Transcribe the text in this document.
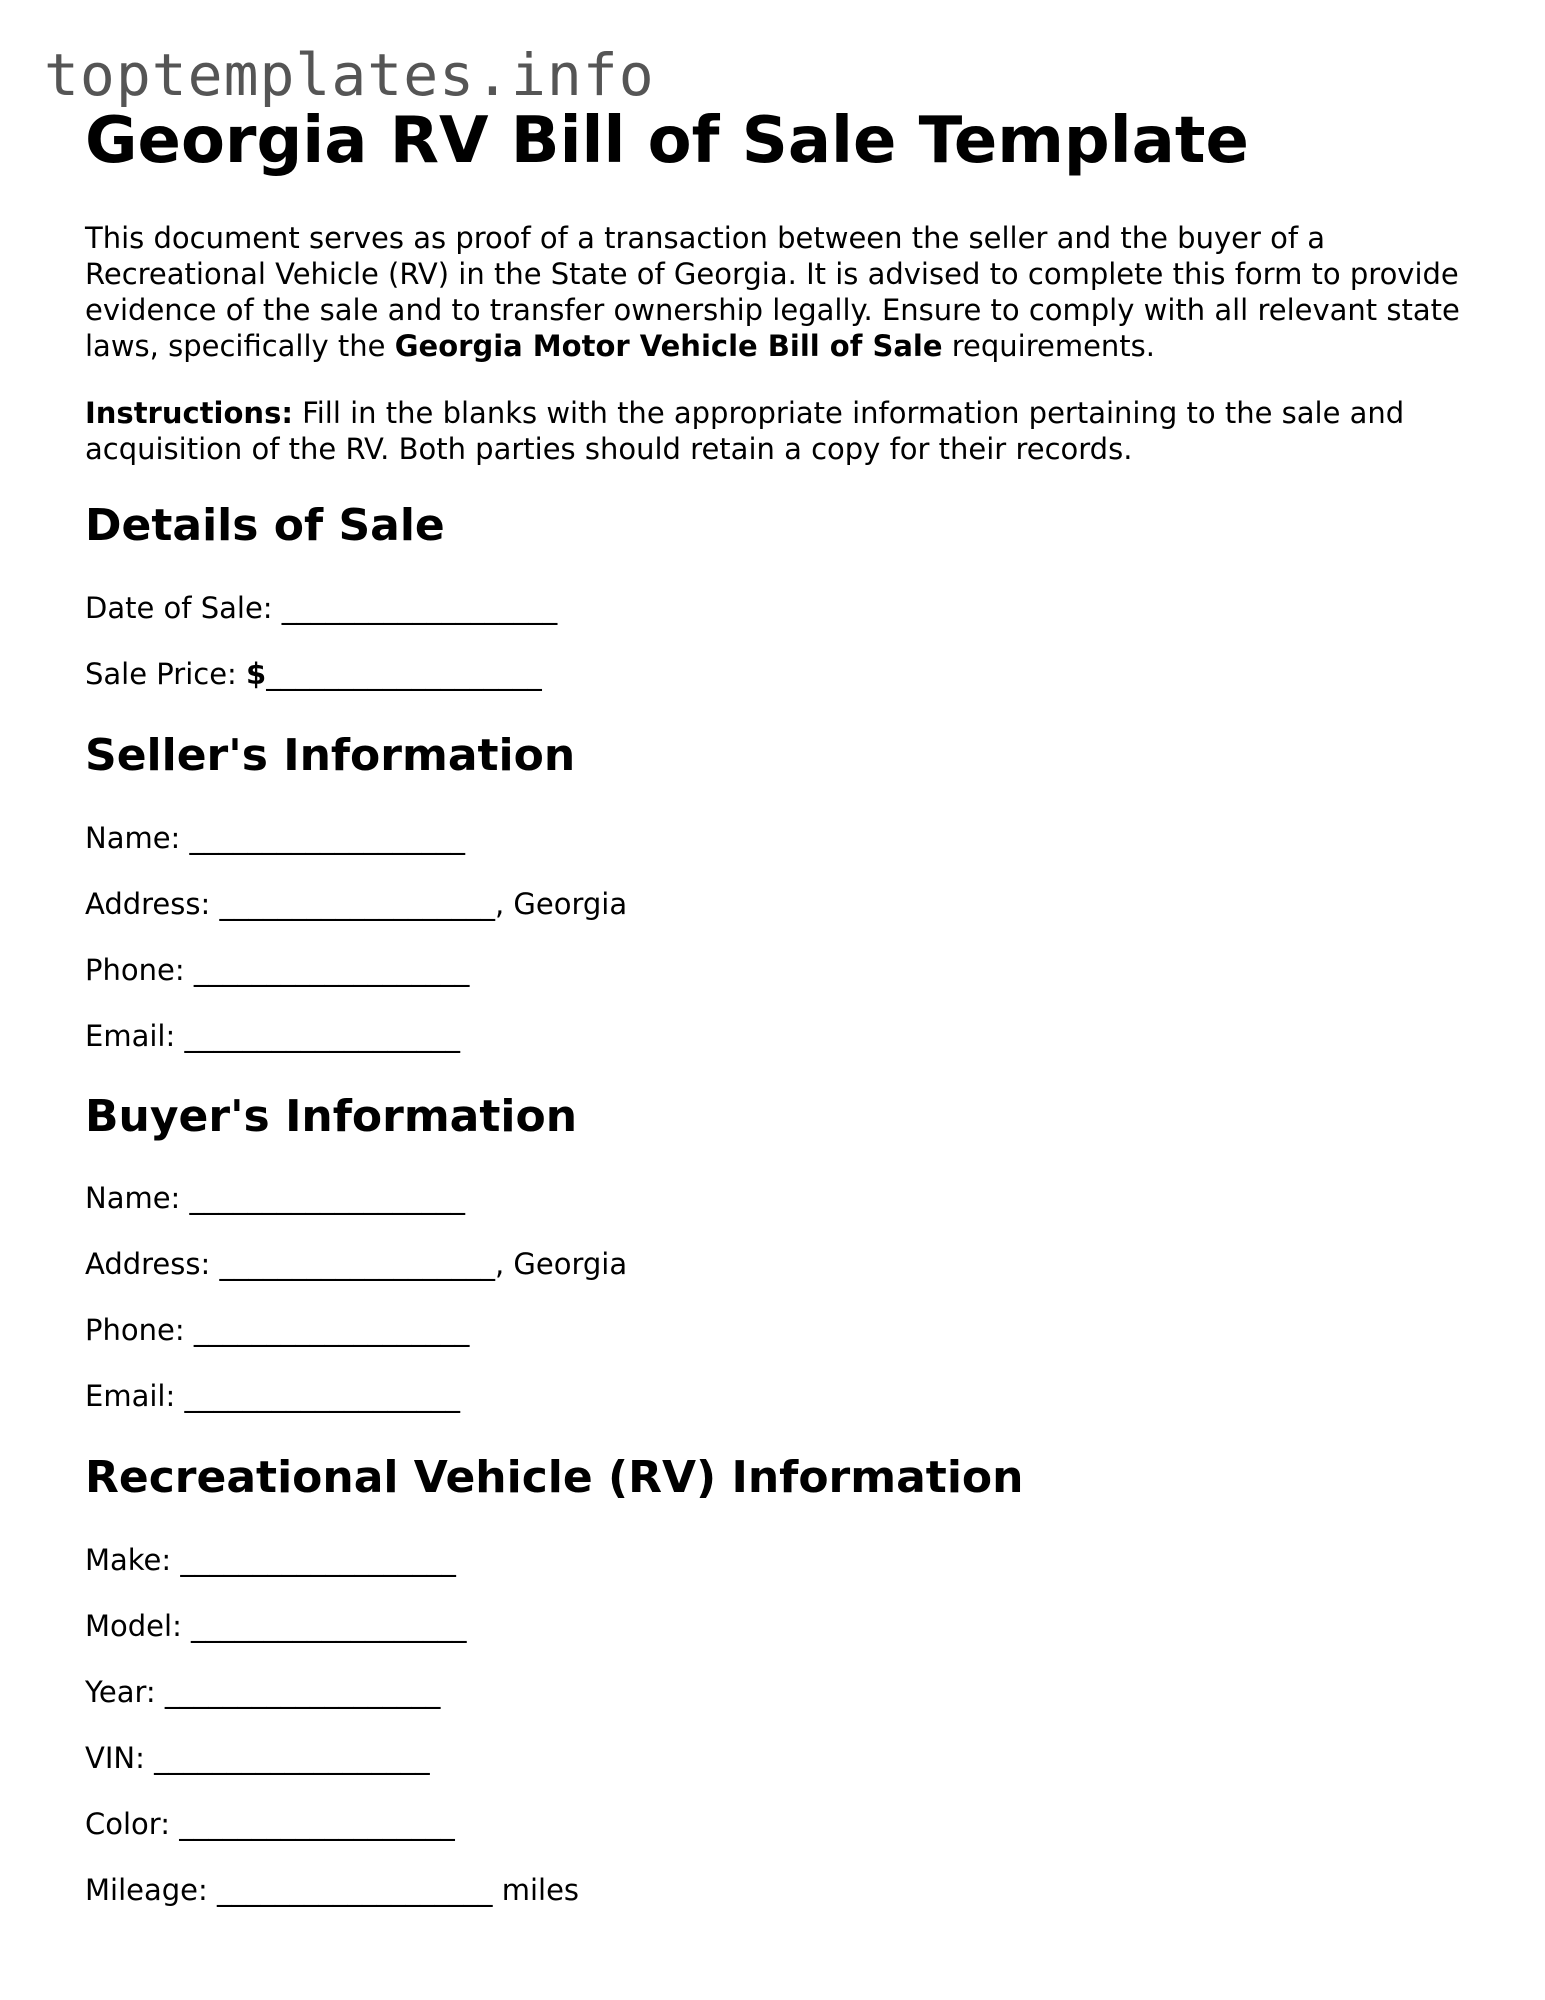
toptemplates.info
Georgia RV Bill of Sale Template

This document serves as proof of a transaction between the seller and the buyer of a Recreational Vehicle (RV) in the State of Georgia. It is advised to complete this form to provide evidence of the sale and to transfer ownership legally. Ensure to comply with all relevant state laws, specifically the Georgia Motor Vehicle Bill of Sale requirements.

Instructions: Fill in the blanks with the appropriate information pertaining to the sale and acquisition of the RV. Both parties should retain a copy for their records.

Details of Sale
Date of Sale: ___________________
Sale Price: $___________________
Seller's Information
Name: ___________________
Address: ___________________, Georgia
Phone: ___________________
Email: ___________________
Buyer's Information
Name: ___________________
Address: ___________________, Georgia
Phone: ___________________
Email: ___________________
Recreational Vehicle (RV) Information
Make: ___________________
Model: ___________________
Year: ___________________
VIN: ___________________
Color: ___________________
Mileage: ___________________ miles
